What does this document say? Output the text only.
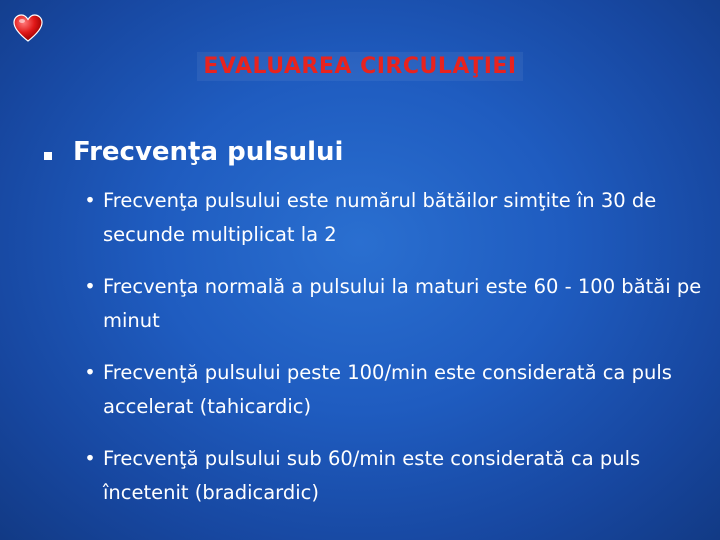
EVALUAREA CIRCULAŢIEI
Frecvenţa pulsului
• Frecvenţa pulsului este numărul bătăilor simţite în 30 de secunde multiplicat la 2
• Frecvenţa normală a pulsului la maturi este 60 - 100 bătăi pe minut
• Frecvenţă pulsului peste 100/min este considerată ca puls accelerat (tahicardic)
• Frecvenţă pulsului sub 60/min este considerată ca puls încetenit (bradicardic)
